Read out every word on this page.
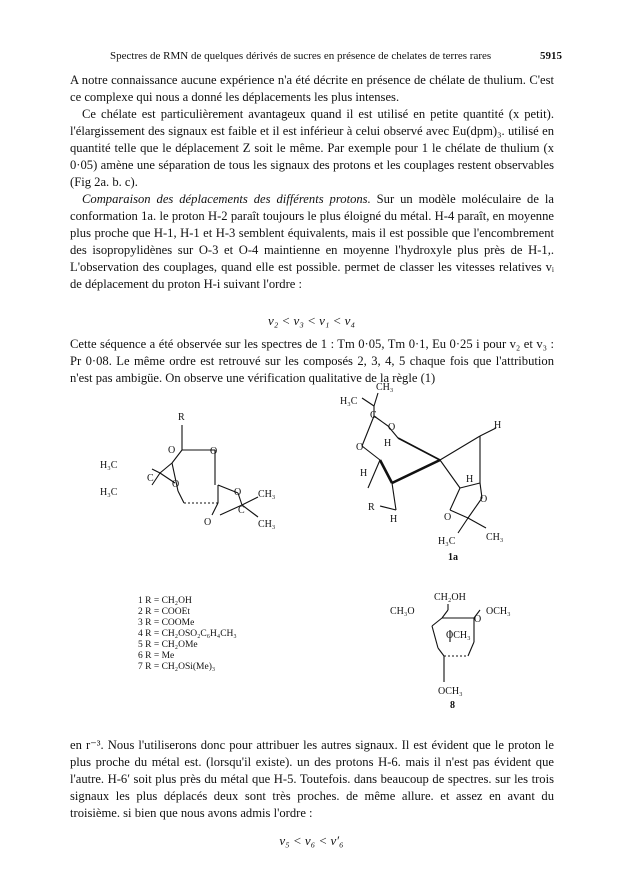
Spectres de RMN de quelques dérivés de sucres en présence de chelates de terres rares	5915

A notre connaissance aucune expérience n'a été décrite en présence de chélate de thulium. C'est ce complexe qui nous a donné les déplacements les plus intenses.

Ce chélate est particulièrement avantageux quand il est utilisé en petite quantité (x petit). l'élargissement des signaux est faible et il est inférieur à celui observé avec Eu(dpm)₃. utilisé en quantité telle que le déplacement Z soit le même. Par exemple pour 1 le chélate de thulium (x 0·05) amène une séparation de tous les signaux des protons et les couplages restent observables (Fig 2a. b. c).

Comparaison des déplacements des différents protons. Sur un modèle moléculaire de la conformation 1a. le proton H-2 paraît toujours le plus éloigné du métal. H-4 paraît, en moyenne plus proche que H-1, H-1 et H-3 semblent équivalents, mais il est possible que l'encombrement des isopropylidènes sur O-3 et O-4 maintienne en moyenne l'hydroxyle plus près de H-1,. L'observation des couplages, quand elle est possible. permet de classer les vitesses relatives vᵢ de déplacement du proton H-i suivant l'ordre :

v₂ < v₃ < v₁ < v₄

Cette séquence a été observée sur les spectres de 1 : Tm 0·05, Tm 0·1, Eu 0·25 i pour v₂ et v₃ : Pr 0·08. Le même ordre est retrouvé sur les composés 2, 3, 4, 5 chaque fois que l'attribution n'est pas ambigüe. On observe une vérification qualitative de la règle (1)

R
H₃C
H₃C
O	O
O
C
O
O
C
CH₃
CH₃
CH₃
H₃C
C
O
O H
H
H
H
O
R
O
H
H₃C	CH₃
1a
1 R = CH₂OH
2 R = COOEt
3 R = COOMe
4 R = CH₂OSO₂C₆H₄CH₃
5 R = CH₂OMe
6 R = Me
7 R = CH₂OSi(Me)₃
CH₂OH
CH₃O
O
OCH₃
OCH₃
OCH₃
8

en r⁻³. Nous l'utiliserons donc pour attribuer les autres signaux. Il est évident que le proton le plus proche du métal est. (lorsqu'il existe). un des protons H-6. mais il n'est pas évident que l'autre. H-6′ soit plus près du métal que H-5. Toutefois. dans beaucoup de spectres. sur les trois signaux les plus déplacés deux sont très proches. de même allure. et assez en avant du troisième. si bien que nous avons admis l'ordre :

v₅ < v₆ < v′₆
